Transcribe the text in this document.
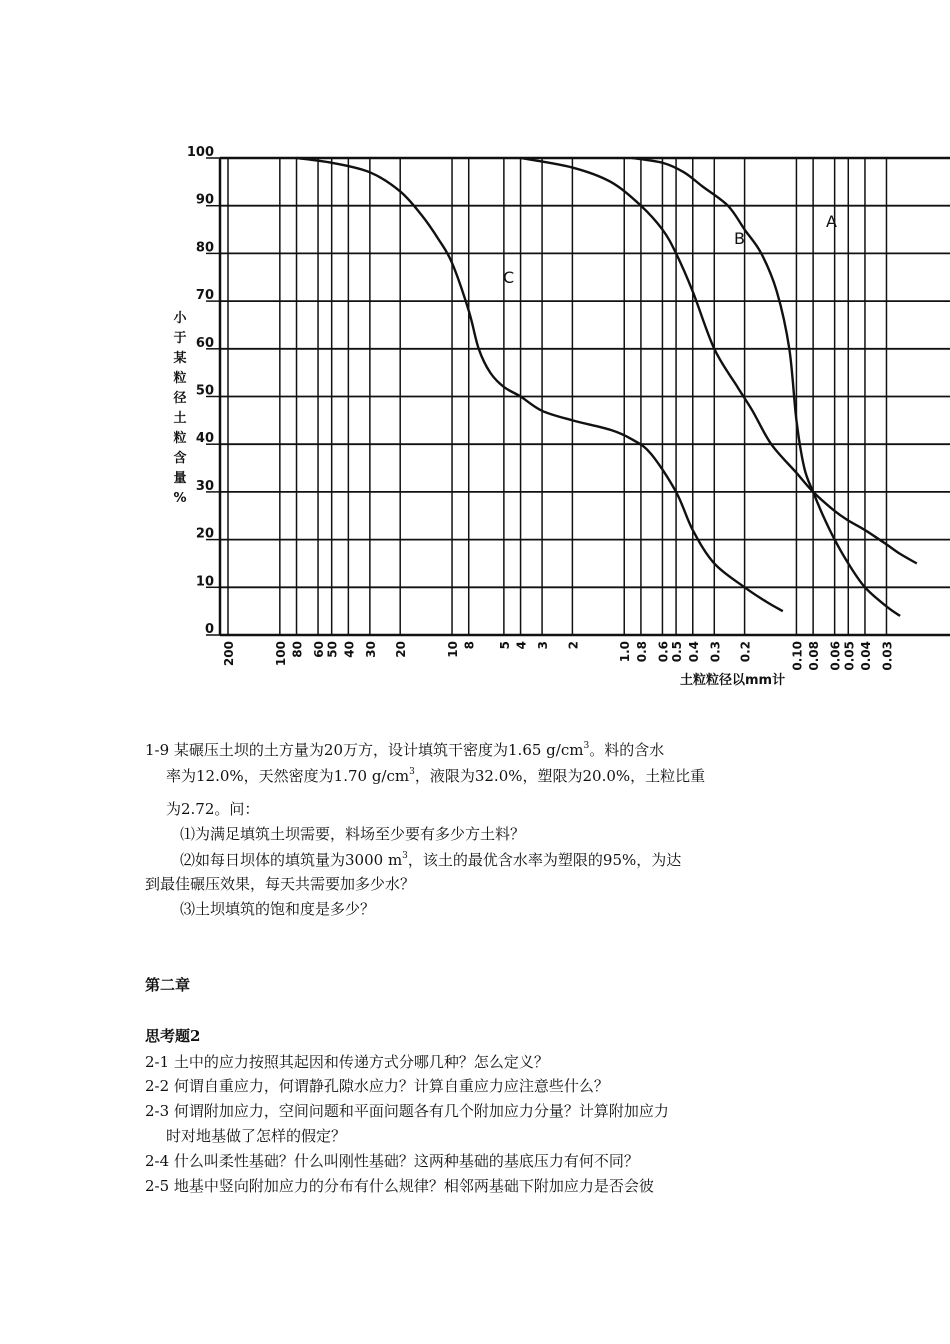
A
B
C
0
10
20
30
40
50
60
70
80
90
100
200	100 80 60 50 40 30 20	10 8 5 4 3 2	1.0 0.8 0.6 0.5 0.4 0.3 0.2	0.10 0.08 0.06 0.05 0.04 0.03
小
于
某
粒
径
土
粒
含
量
%
土粒粒径以mm计

1-9 某碾压土坝的土方量为20万方，设计填筑干密度为1.65 $g/cm^3$。料的含水

率为12.0%，天然密度为1.70 $g/cm^3$，液限为32.0%，塑限为20.0%，土粒比重

为2.72。问：

⑴为满足填筑土坝需要，料场至少要有多少方土料？

⑵如每日坝体的填筑量为3000 $m^3$，该土的最优含水率为塑限的95%，为达

到最佳碾压效果，每天共需要加多少水？

⑶土坝填筑的饱和度是多少？

第二章

思考题2

2-1 土中的应力按照其起因和传递方式分哪几种？怎么定义？

2-2 何谓自重应力，何谓静孔隙水应力？计算自重应力应注意些什么？

2-3 何谓附加应力，空间问题和平面问题各有几个附加应力分量？计算附加应力

时对地基做了怎样的假定？

2-4 什么叫柔性基础？什么叫刚性基础？这两种基础的基底压力有何不同？

2-5 地基中竖向附加应力的分布有什么规律？相邻两基础下附加应力是否会彼
